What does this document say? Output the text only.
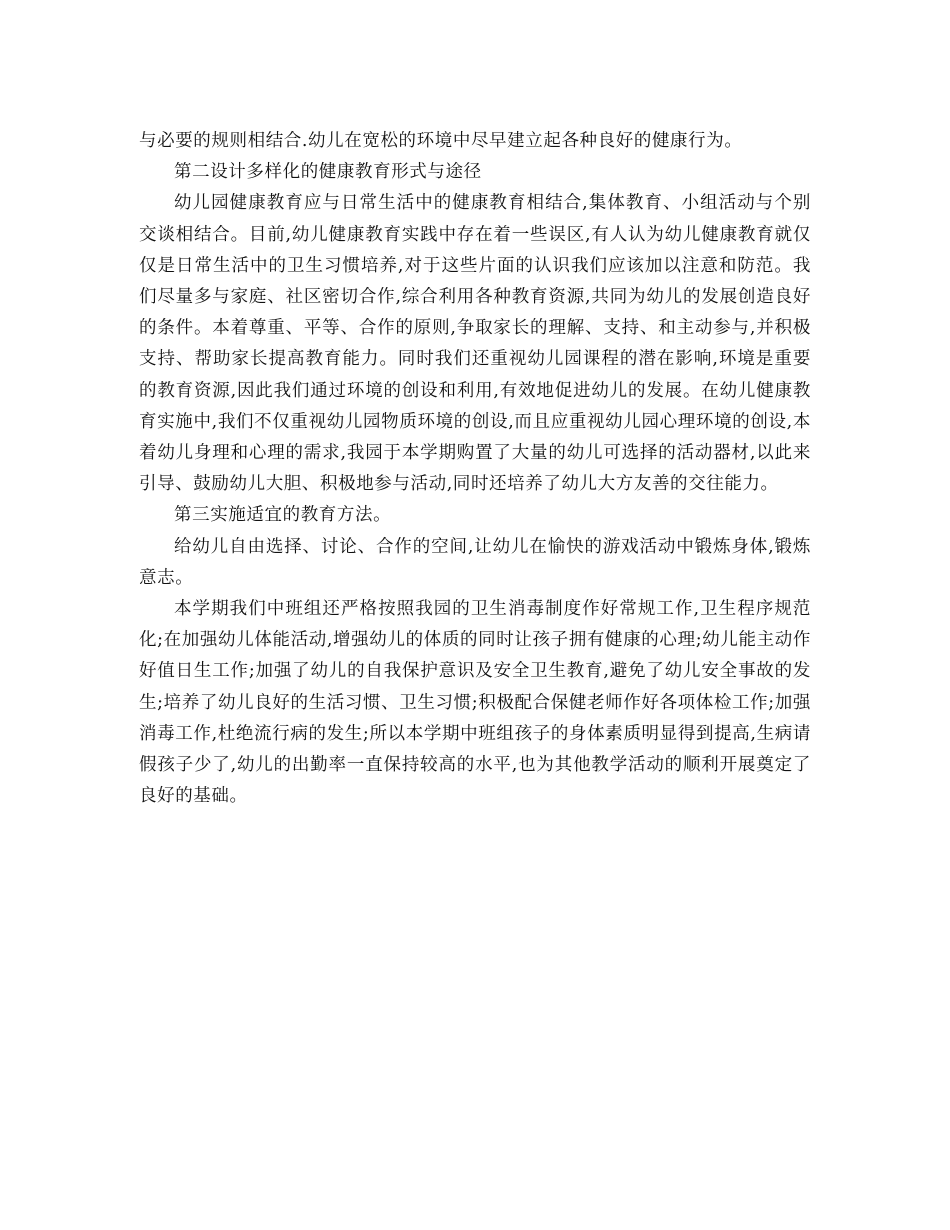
与必要的规则相结合.幼儿在宽松的环境中尽早建立起各种良好的健康行为。

第二设计多样化的健康教育形式与途径

幼儿园健康教育应与日常生活中的健康教育相结合,集体教育、小组活动与个别交谈相结合。目前,幼儿健康教育实践中存在着一些误区,有人认为幼儿健康教育就仅仅是日常生活中的卫生习惯培养,对于这些片面的认识我们应该加以注意和防范。我们尽量多与家庭、社区密切合作,综合利用各种教育资源,共同为幼儿的发展创造良好的条件。本着尊重、平等、合作的原则,争取家长的理解、支持、和主动参与,并积极支持、帮助家长提高教育能力。同时我们还重视幼儿园课程的潜在影响,环境是重要的教育资源,因此我们通过环境的创设和利用,有效地促进幼儿的发展。在幼儿健康教育实施中,我们不仅重视幼儿园物质环境的创设,而且应重视幼儿园心理环境的创设,本着幼儿身理和心理的需求,我园于本学期购置了大量的幼儿可选择的活动器材,以此来引导、鼓励幼儿大胆、积极地参与活动,同时还培养了幼儿大方友善的交往能力。

第三实施适宜的教育方法。

给幼儿自由选择、讨论、合作的空间,让幼儿在愉快的游戏活动中锻炼身体,锻炼意志。

本学期我们中班组还严格按照我园的卫生消毒制度作好常规工作,卫生程序规范化;在加强幼儿体能活动,增强幼儿的体质的同时让孩子拥有健康的心理;幼儿能主动作好值日生工作;加强了幼儿的自我保护意识及安全卫生教育,避免了幼儿安全事故的发生;培养了幼儿良好的生活习惯、卫生习惯;积极配合保健老师作好各项体检工作;加强消毒工作,杜绝流行病的发生;所以本学期中班组孩子的身体素质明显得到提高,生病请假孩子少了,幼儿的出勤率一直保持较高的水平,也为其他教学活动的顺利开展奠定了良好的基础。
